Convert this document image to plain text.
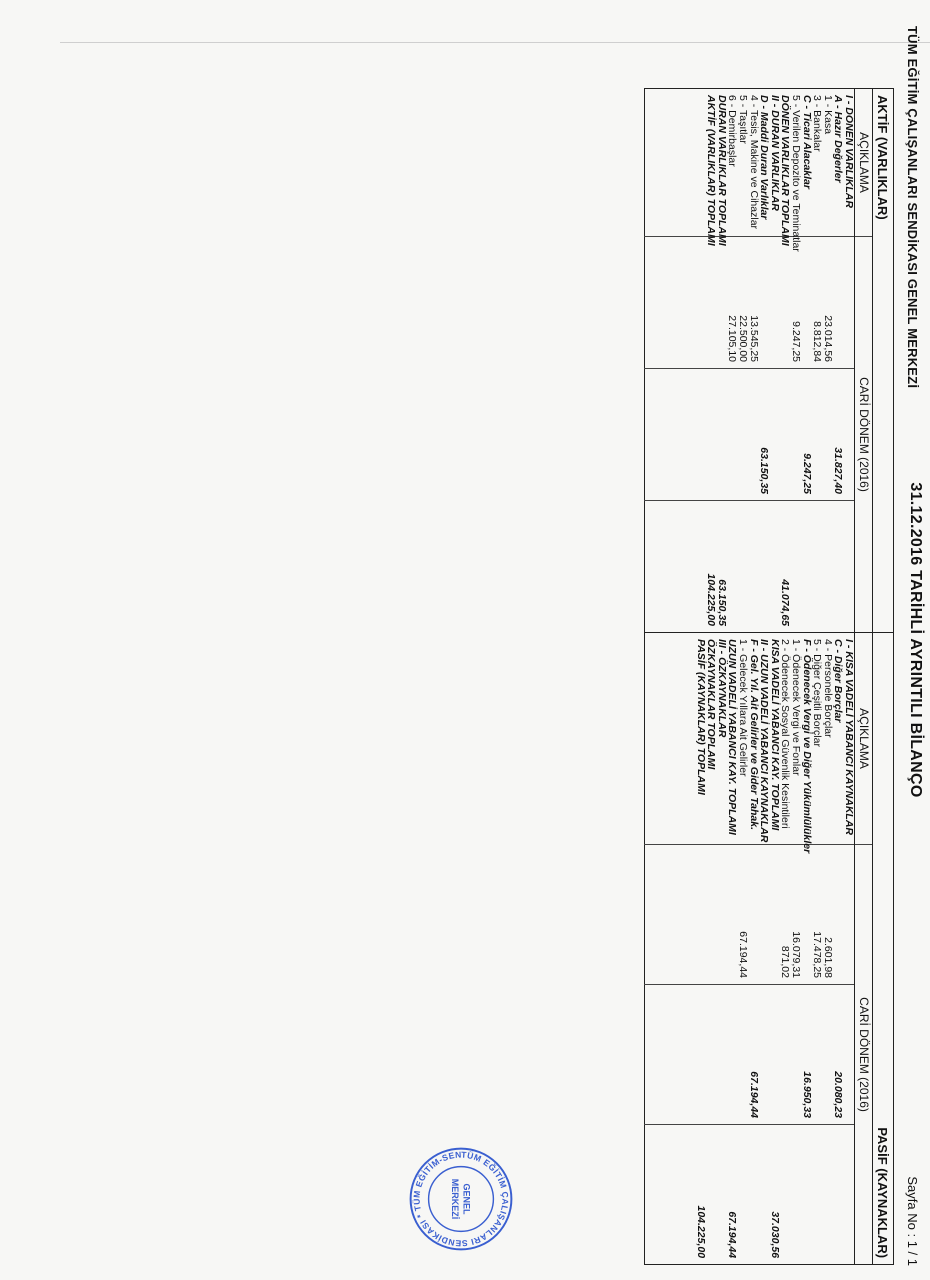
TÜM EĞİTİM ÇALIŞANLARI SENDİKASI GENEL MERKEZİ
31.12.2016 TARİHLİ AYRINTILI BİLANÇO
Sayfa No : 1 / 1
AKTİF (VARLIKLAR)				PASİF (KAYNAKLAR)			
AÇIKLAMA	CARİ DÖNEM (2016)			AÇIKLAMA	CARİ DÖNEM (2016)		
I - DÖNEN VARLIKLAR				I - KISA VADELİ YABANCI KAYNAKLAR			
A - Hazır Değerler		31.827,40		C - Diğer Borçlar		20.080,23	
1 - Kasa	23.014,56			4 - Personele Borçlar	2.601,98		
3 - Bankalar	8.812,84			5 - Diğer Çeşitli Borçlar	17.478,25		
C - Ticari Alacaklar		9.247,25		F - Ödenecek Vergi ve Diğer Yükümlülükler		16.950,33	
5 - Verilen Depozito ve Teminatlar	9.247,25			1 - Ödenecek Vergi ve Fonlar	16.079,31		
DÖNEN VARLIKLAR TOPLAMI			41.074,65	2 - Ödenecek Sosyal Güvenlik Kesintileri	871,02		
II - DURAN VARLIKLAR				KISA VADELİ YABANCI KAY. TOPLAMI			37.030,56
D - Maddi Duran Varlıklar		63.150,35		II - UZUN VADELİ YABANCI KAYNAKLAR			
4 - Tesis, Makine ve Cihazlar	13.545,25			F - Gel. Yıl. Ait Gelirler ve Gider Tahak.		67.194,44	
5 - Taşıtlar	22.500,00			1 - Gelecek Yıllara Ait Gelirler	67.194,44		
6 - Demirbaşlar	27.105,10			UZUN VADELİ YABANCI KAY. TOPLAMI			67.194,44
DURAN VARLIKLAR TOPLAMI			63.150,35	III - ÖZKAYNAKLAR			
AKTİF (VARLIKLAR) TOPLAMI			104.225,00	ÖZKAYNAKLAR TOPLAMI			
				PASİF (KAYNAKLAR) TOPLAMI			104.225,00

TÜM EĞİTİM ÇALIŞANLARI SENDİKASI * TÜM EĞİTİM-SEN
GENEL
MERKEZİ
